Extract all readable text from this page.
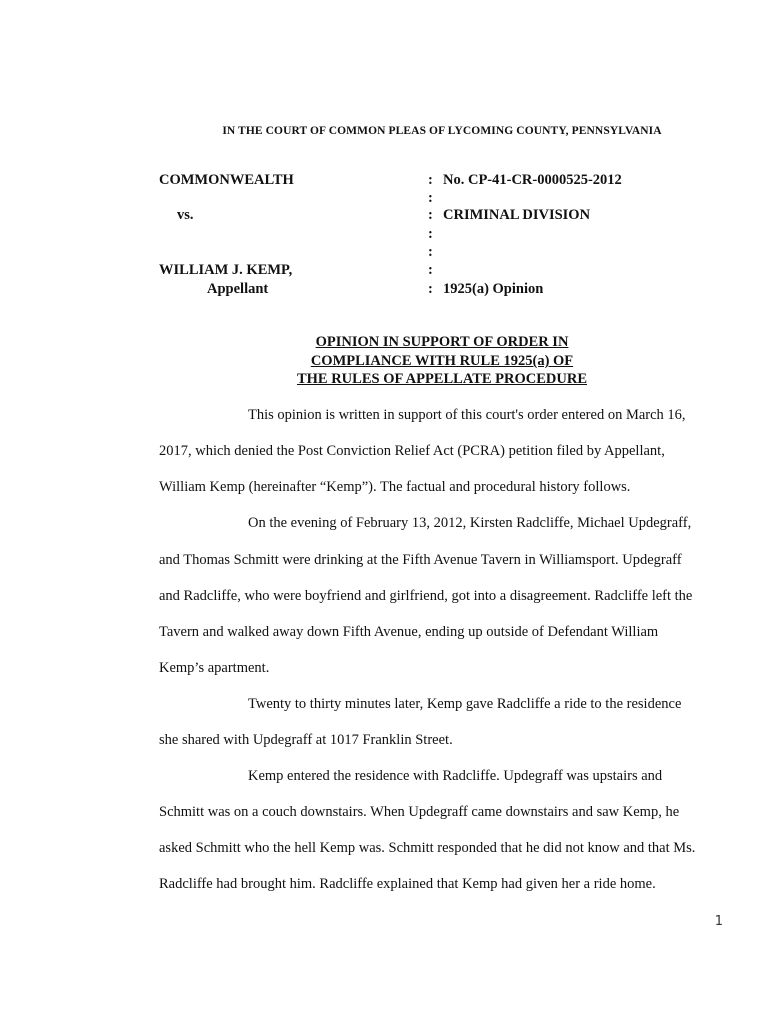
IN THE COURT OF COMMON PLEAS OF LYCOMING COUNTY, PENNSYLVANIA
COMMONWEALTH
vs.
WILLIAM J. KEMP,
Appellant
:
:
:
:
:
:
:
No. CP-41-CR-0000525-2012
CRIMINAL DIVISION
1925(a) Opinion
OPINION IN SUPPORT OF ORDER IN
COMPLIANCE WITH RULE 1925(a) OF
THE RULES OF APPELLATE PROCEDURE
This opinion is written in support of this court's order entered on March 16,
2017, which denied the Post Conviction Relief Act (PCRA) petition filed by Appellant,
William Kemp (hereinafter “Kemp”). The factual and procedural history follows.
On the evening of February 13, 2012, Kirsten Radcliffe, Michael Updegraff,
and Thomas Schmitt were drinking at the Fifth Avenue Tavern in Williamsport. Updegraff
and Radcliffe, who were boyfriend and girlfriend, got into a disagreement. Radcliffe left the
Tavern and walked away down Fifth Avenue, ending up outside of Defendant William
Kemp’s apartment.
Twenty to thirty minutes later, Kemp gave Radcliffe a ride to the residence
she shared with Updegraff at 1017 Franklin Street.
Kemp entered the residence with Radcliffe. Updegraff was upstairs and
Schmitt was on a couch downstairs. When Updegraff came downstairs and saw Kemp, he
asked Schmitt who the hell Kemp was. Schmitt responded that he did not know and that Ms.
Radcliffe had brought him. Radcliffe explained that Kemp had given her a ride home.
1
